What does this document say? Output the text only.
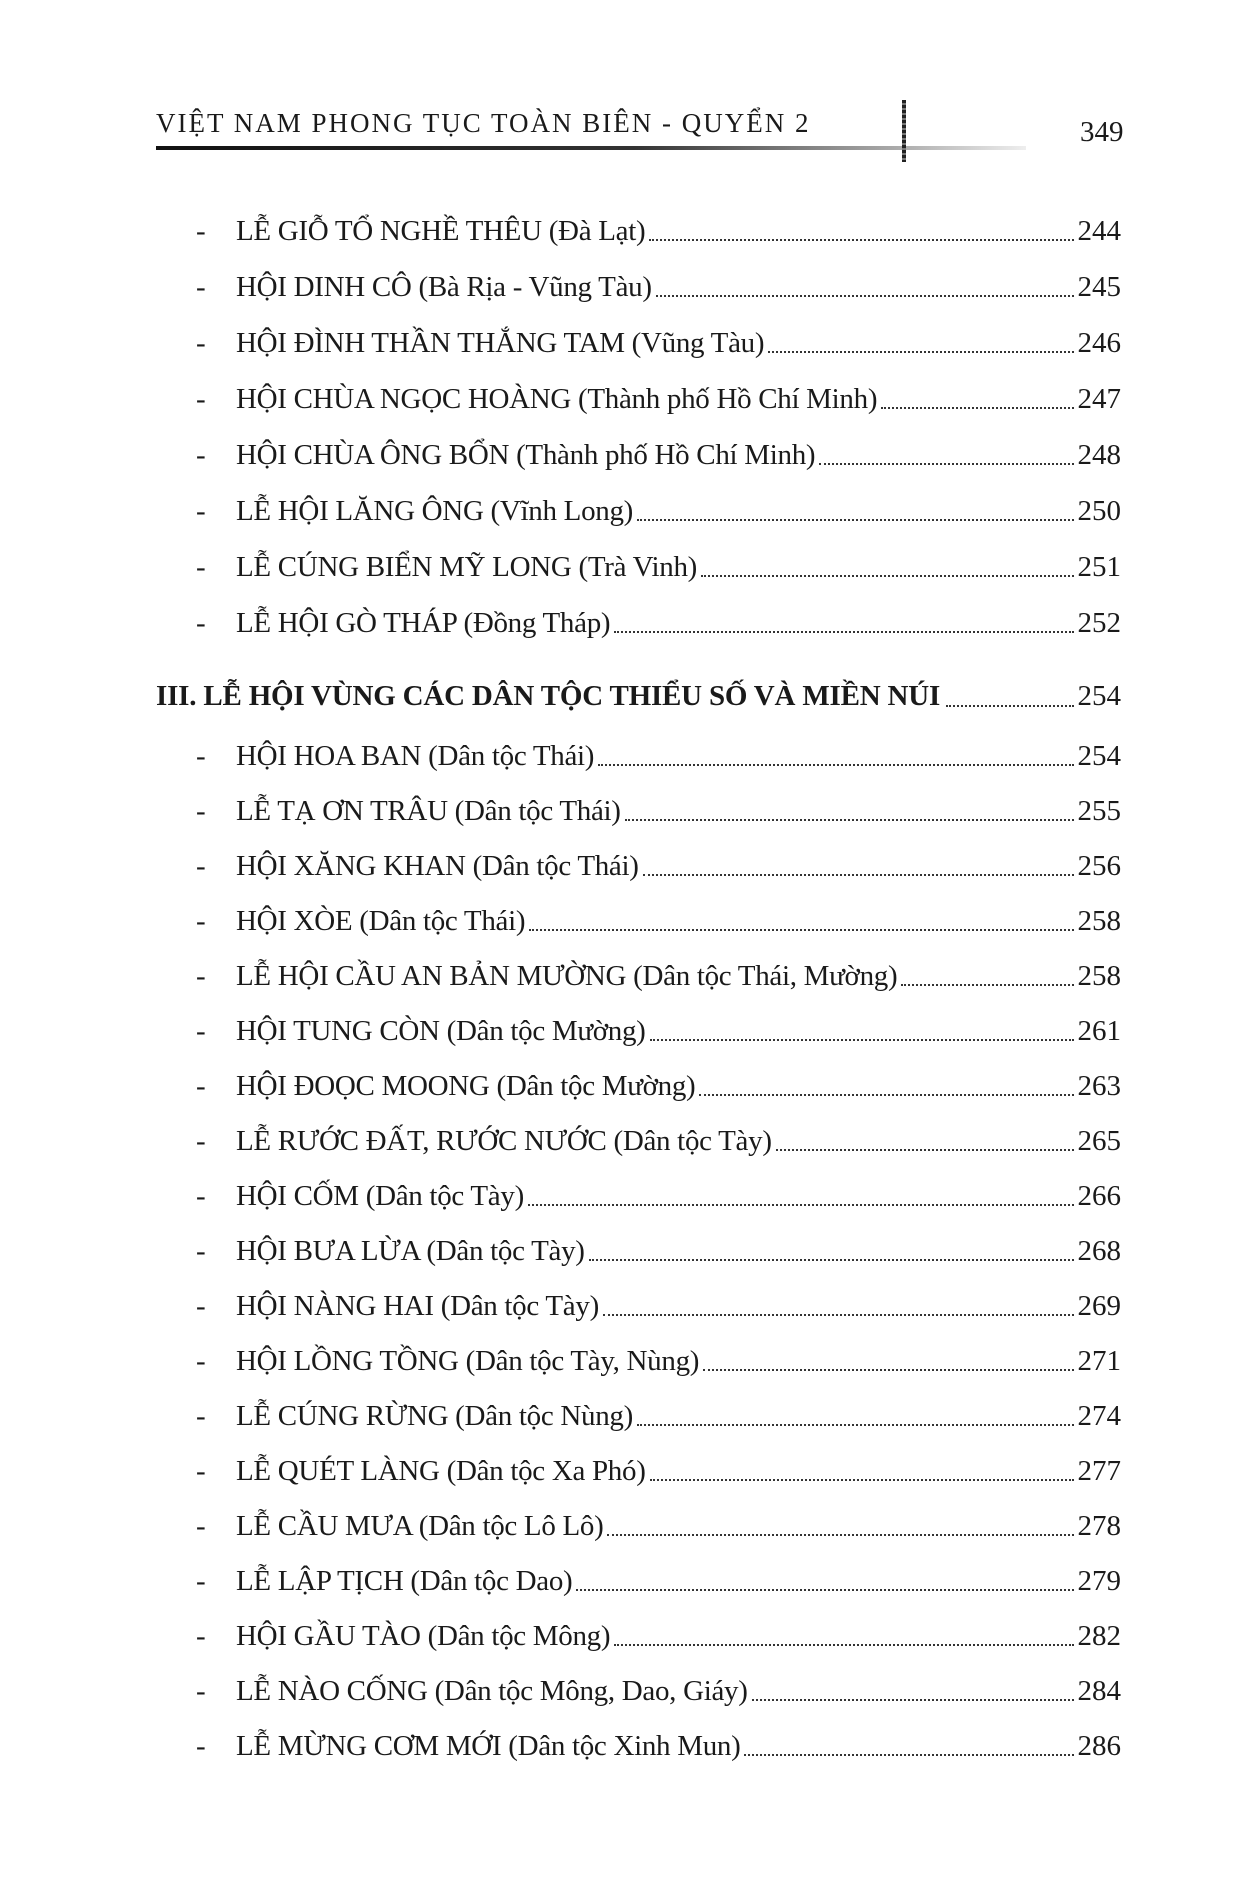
VIỆT NAM PHONG TỤC TOÀN BIÊN - QUYỂN 2	349
-	LỄ GIỖ TỔ NGHỀ THÊU (Đà Lạt)	244
-	HỘI DINH CÔ (Bà Rịa - Vũng Tàu)	245
-	HỘI ĐÌNH THẦN THẮNG TAM (Vũng Tàu)	246
-	HỘI CHÙA NGỌC HOÀNG (Thành phố Hồ Chí Minh)	247
-	HỘI CHÙA ÔNG BỔN (Thành phố Hồ Chí Minh)	248
-	LỄ HỘI LĂNG ÔNG (Vĩnh Long)	250
-	LỄ CÚNG BIỂN MỸ LONG (Trà Vinh)	251
-	LỄ HỘI GÒ THÁP (Đồng Tháp)	252
III. LỄ HỘI VÙNG CÁC DÂN TỘC THIỂU SỐ VÀ MIỀN NÚI	254
-	HỘI HOA BAN (Dân tộc Thái)	254
-	LỄ TẠ ƠN TRÂU (Dân tộc Thái)	255
-	HỘI XĂNG KHAN (Dân tộc Thái)	256
-	HỘI XÒE (Dân tộc Thái)	258
-	LỄ HỘI CẦU AN BẢN MƯỜNG (Dân tộc Thái, Mường)	258
-	HỘI TUNG CÒN (Dân tộc Mường)	261
-	HỘI ĐOỌC MOONG (Dân tộc Mường)	263
-	LỄ RƯỚC ĐẤT, RƯỚC NƯỚC (Dân tộc Tày)	265
-	HỘI CỐM (Dân tộc Tày)	266
-	HỘI BƯA LỪA (Dân tộc Tày)	268
-	HỘI NÀNG HAI (Dân tộc Tày)	269
-	HỘI LỒNG TỒNG (Dân tộc Tày, Nùng)	271
-	LỄ CÚNG RỪNG (Dân tộc Nùng)	274
-	LỄ QUÉT LÀNG (Dân tộc Xa Phó)	277
-	LỄ CẦU MƯA (Dân tộc Lô Lô)	278
-	LỄ LẬP TỊCH (Dân tộc Dao)	279
-	HỘI GẦU TÀO (Dân tộc Mông)	282
-	LỄ NÀO CỐNG (Dân tộc Mông, Dao, Giáy)	284
-	LỄ MỪNG CƠM MỚI (Dân tộc Xinh Mun)	286
